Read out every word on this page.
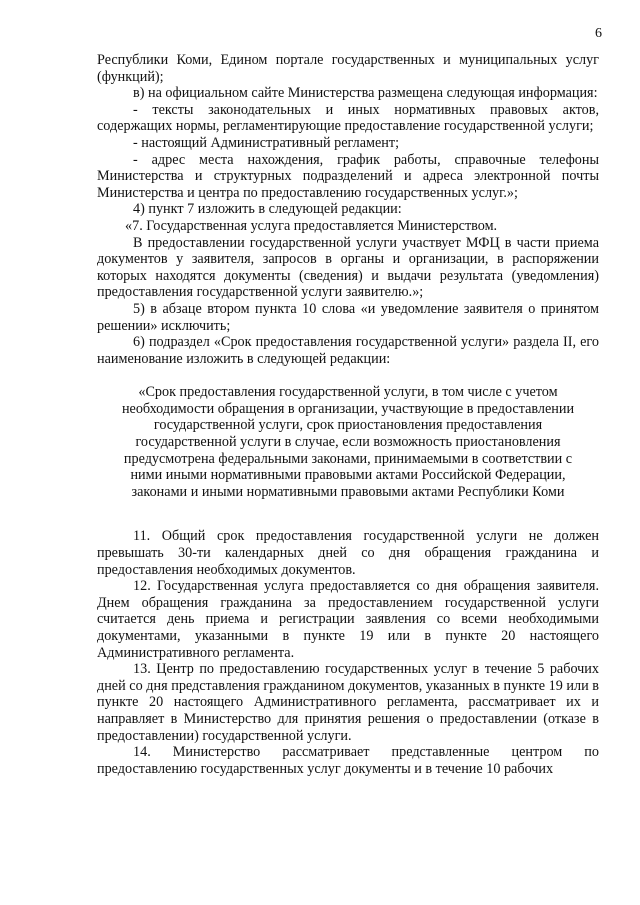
6

Республики Коми, Едином портале государственных и муниципальных услуг (функций);

в) на официальном сайте Министерства размещена следующая информация:

- тексты законодательных и иных нормативных правовых актов, содержащих нормы, регламентирующие предоставление государственной услуги;

- настоящий Административный регламент;

- адрес места нахождения, график работы, справочные телефоны Министерства и структурных подразделений и адреса электронной почты Министерства и центра по предоставлению государственных услуг.»;

4) пункт 7 изложить в следующей редакции:

«7. Государственная услуга предоставляется Министерством.

В предоставлении государственной услуги участвует МФЦ в части приема документов у заявителя, запросов в органы и организации, в распоряжении которых находятся документы (сведения) и выдачи результата (уведомления) предоставления государственной услуги заявителю.»;

5) в абзаце втором пункта 10 слова «и уведомление заявителя о принятом решении» исключить;

6) подраздел «Срок предоставления государственной услуги» раздела II, его наименование изложить в следующей редакции:

«Срок предоставления государственной услуги, в том числе с учетом необходимости обращения в организации, участвующие в предоставлении государственной услуги, срок приостановления предоставления государственной услуги в случае, если возможность приостановления предусмотрена федеральными законами, принимаемыми в соответствии с ними иными нормативными правовыми актами Российской Федерации, законами и иными нормативными правовыми актами Республики Коми

11. Общий срок предоставления государственной услуги не должен превышать 30-ти календарных дней со дня обращения гражданина и предоставления необходимых документов.

12. Государственная услуга предоставляется со дня обращения заявителя. Днем обращения гражданина за предоставлением государственной услуги считается день приема и регистрации заявления со всеми необходимыми документами, указанными в пункте 19 или в пункте 20 настоящего Административного регламента.

13. Центр по предоставлению государственных услуг в течение 5 рабочих дней со дня представления гражданином документов, указанных в пункте 19 или в пункте 20 настоящего Административного регламента, рассматривает их и направляет в Министерство для принятия решения о предоставлении (отказе в предоставлении) государственной услуги.

14. Министерство рассматривает представленные центром по предоставлению государственных услуг документы и в течение 10 рабочих
